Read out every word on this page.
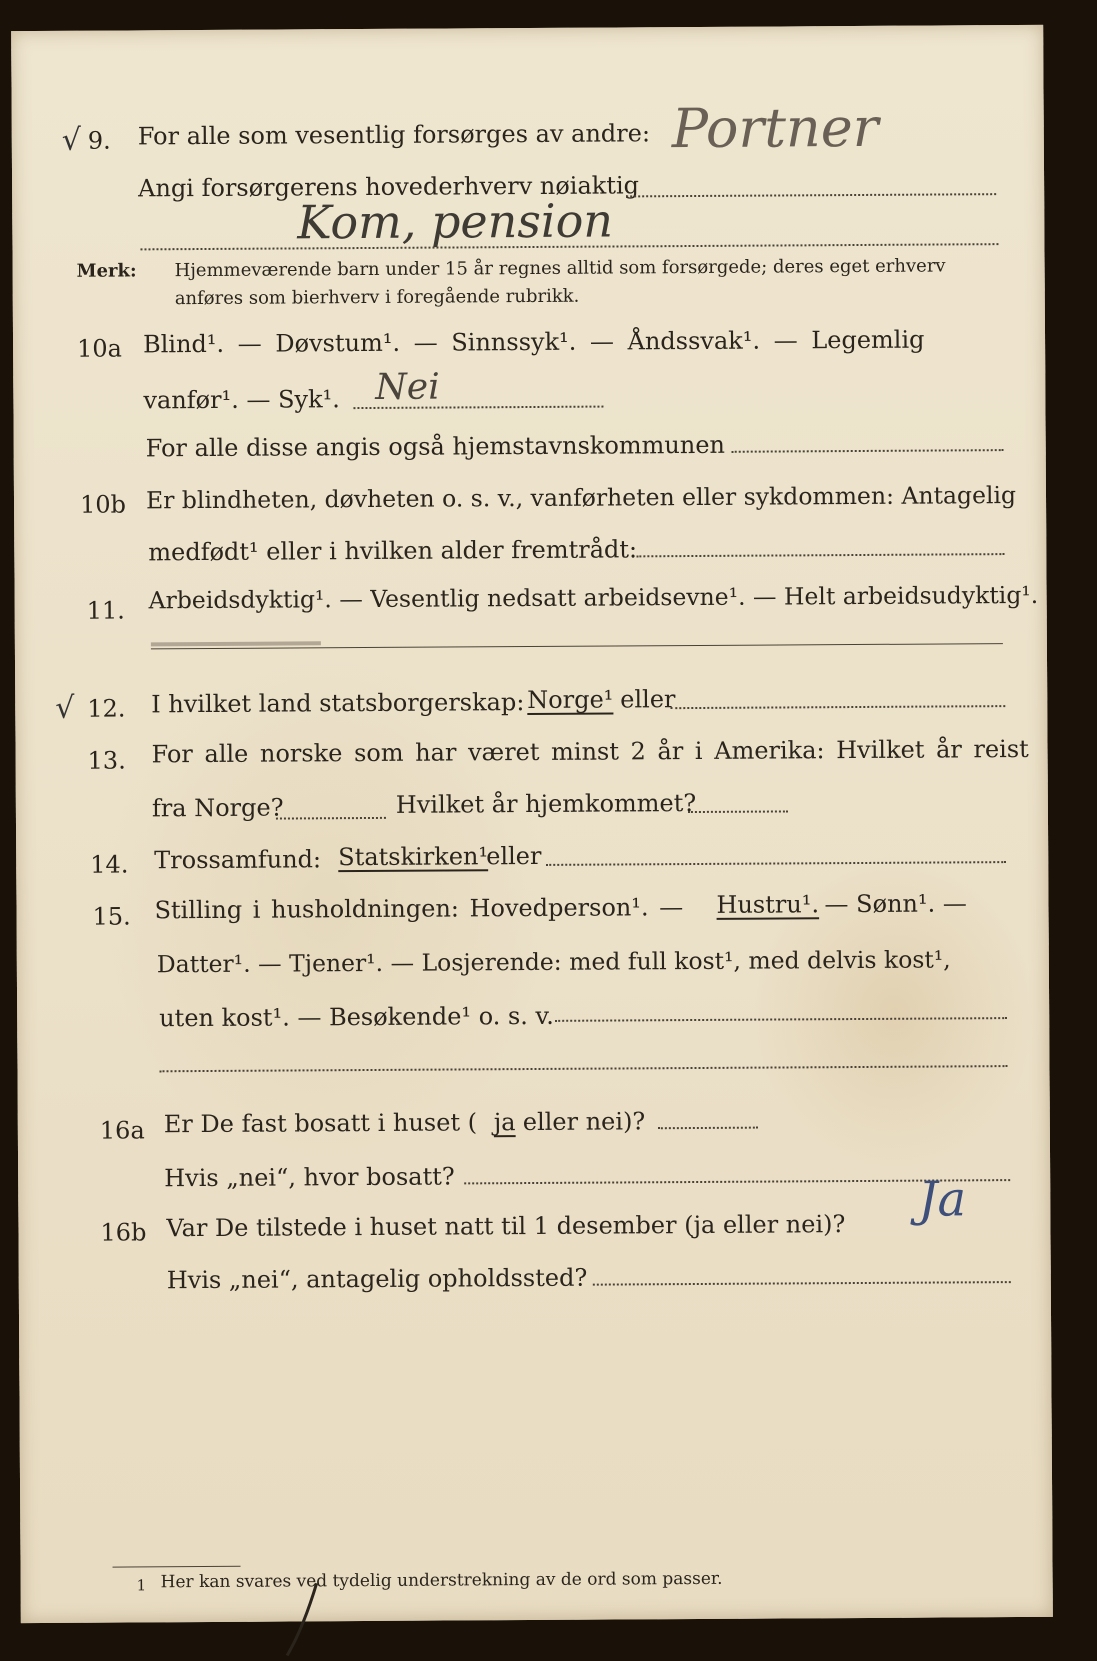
√ 9. For alle som vesentlig forsørges av andre: Portner
Angi forsørgerens hovederhverv nøiaktig
Kom, pension
Merk: Hjemmeværende barn under 15 år regnes alltid som forsørgede; deres eget erhverv
anføres som bierhverv i foregående rubrikk.
10a Blind¹. — Døvstum¹. — Sinnssyk¹. — Åndssvak¹. — Legemlig
vanfør¹. — Syk¹. Nei
For alle disse angis også hjemstavnskommunen
10b Er blindheten, døvheten o. s. v., vanførheten eller sykdommen: Antagelig
medfødt¹ eller i hvilken alder fremtrådt:
11. Arbeidsdyktig¹. — Vesentlig nedsatt arbeidsevne¹. — Helt arbeidsudyktig¹.
√ 12. I hvilket land statsborgerskap: Norge¹ eller
13. For alle norske som har været minst 2 år i Amerika: Hvilket år reist
fra Norge?	Hvilket år hjemkommet?
14. Trossamfund: Statskirken¹
eller
15. Stilling i husholdningen: Hovedperson¹. — Hustru¹. — Sønn¹. —
Datter¹. — Tjener¹. — Losjerende: med full kost¹, med delvis kost¹,
uten kost¹. — Besøkende¹ o. s. v.
16a Er De fast bosatt i huset ( ja eller nei)?
Hvis „nei“, hvor bosatt?
16b Var De tilstede i huset natt til 1 desember (ja eller nei)? Ja
Hvis „nei“, antagelig opholdssted?
1 Her kan svares ved tydelig understrekning av de ord som passer.
